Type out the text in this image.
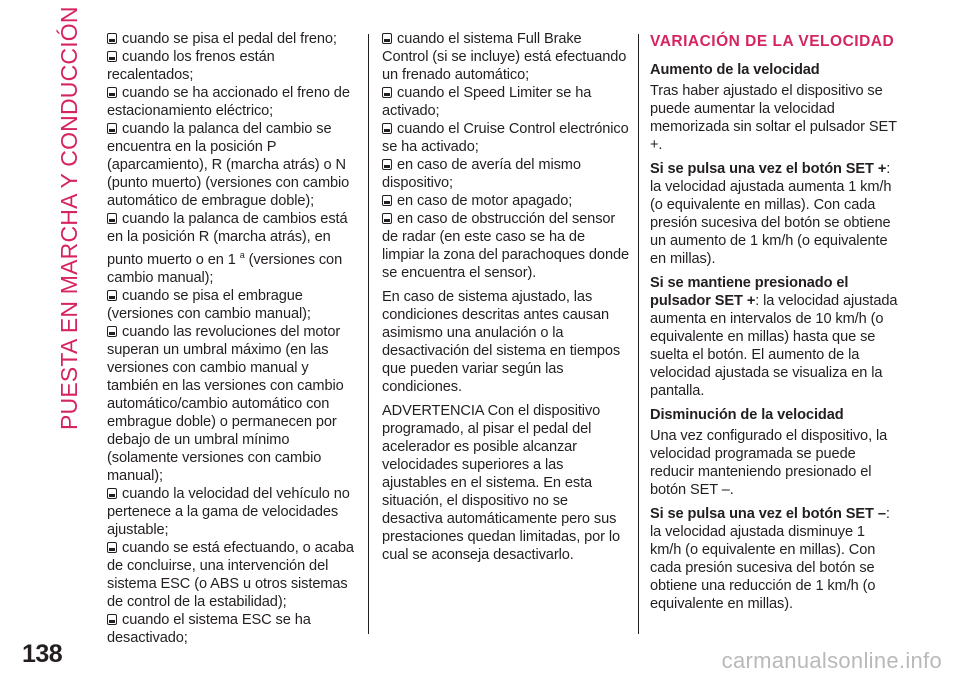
PUESTA EN MARCHA Y CONDUCCIÓN
138

cuando se pisa el pedal del freno;

cuando los frenos están recalentados;

cuando se ha accionado el freno de estacionamiento eléctrico;

cuando la palanca del cambio se encuentra en la posición P (aparcamiento), R (marcha atrás) o N (punto muerto) (versiones con cambio automático de embrague doble);

cuando la palanca de cambios está en la posición R (marcha atrás), en punto muerto o en 1 $^a$ (versiones con cambio manual);

cuando se pisa el embrague (versiones con cambio manual);

cuando las revoluciones del motor superan un umbral máximo (en las versiones con cambio manual y también en las versiones con cambio automático/cambio automático con embrague doble) o permanecen por debajo de un umbral mínimo (solamente versiones con cambio manual);

cuando la velocidad del vehículo no pertenece a la gama de velocidades ajustable;

cuando se está efectuando, o acaba de concluirse, una intervención del sistema ESC (o ABS u otros sistemas de control de la estabilidad);

cuando el sistema ESC se ha desactivado;

cuando el sistema Full Brake Control (si se incluye) está efectuando un frenado automático;

cuando el Speed Limiter se ha activado;

cuando el Cruise Control electrónico se ha activado;

en caso de avería del mismo dispositivo;

en caso de motor apagado;

en caso de obstrucción del sensor de radar (en este caso se ha de limpiar la zona del parachoques donde se encuentra el sensor).

En caso de sistema ajustado, las condiciones descritas antes causan asimismo una anulación o la desactivación del sistema en tiempos que pueden variar según las condiciones.

ADVERTENCIA Con el dispositivo programado, al pisar el pedal del acelerador es posible alcanzar velocidades superiores a las ajustables en el sistema. En esta situación, el dispositivo no se desactiva automáticamente pero sus prestaciones quedan limitadas, por lo cual se aconseja desactivarlo.

VARIACIÓN DE LA VELOCIDAD

Aumento de la velocidad

Tras haber ajustado el dispositivo se puede aumentar la velocidad memorizada sin soltar el pulsador SET +.

Si se pulsa una vez el botón SET +: la velocidad ajustada aumenta 1 km/h (o equivalente en millas). Con cada presión sucesiva del botón se obtiene un aumento de 1 km/h (o equivalente en millas).

Si se mantiene presionado el pulsador SET +: la velocidad ajustada aumenta en intervalos de 10 km/h (o equivalente en millas) hasta que se suelta el botón. El aumento de la velocidad ajustada se visualiza en la pantalla.

Disminución de la velocidad

Una vez configurado el dispositivo, la velocidad programada se puede reducir manteniendo presionado el botón SET –.

Si se pulsa una vez el botón SET –: la velocidad ajustada disminuye 1 km/h (o equivalente en millas). Con cada presión sucesiva del botón se obtiene una reducción de 1 km/h (o equivalente en millas).

carmanualsonline.info
